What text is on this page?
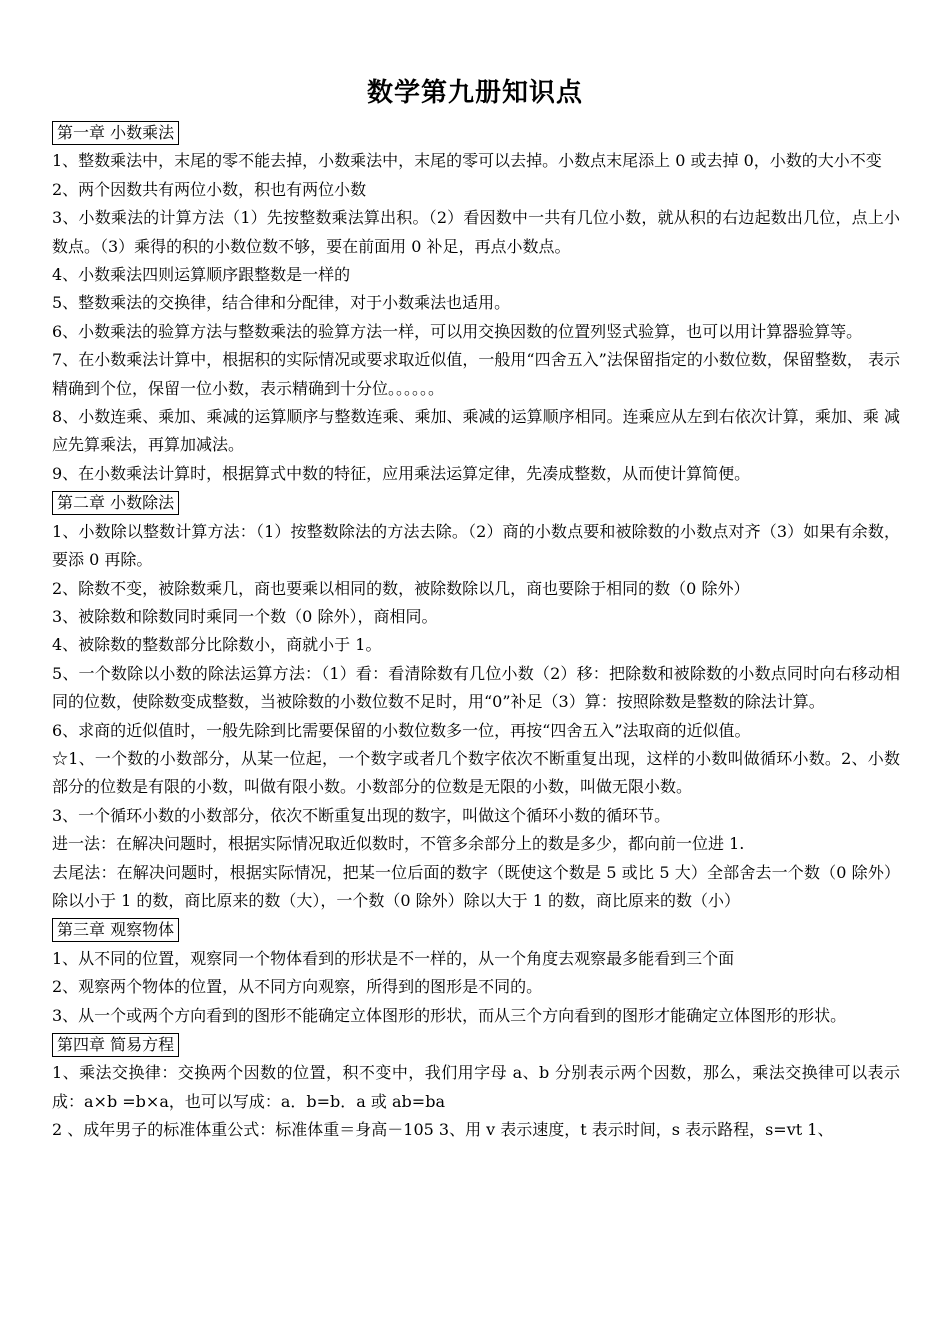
数学第九册知识点
第一章 小数乘法
1、整数乘法中，末尾的零不能去掉，小数乘法中，末尾的零可以去掉。小数点末尾添上 0 或去掉 0，小数的大小不变
2、两个因数共有两位小数，积也有两位小数
3、小数乘法的计算方法（1）先按整数乘法算出积。（2）看因数中一共有几位小数，就从积的右边起数出几位，点上小数点。（3）乘得的积的小数位数不够，要在前面用 0 补足，再点小数点。
4、小数乘法四则运算顺序跟整数是一样的
5、整数乘法的交换律，结合律和分配律，对于小数乘法也适用。
6、小数乘法的验算方法与整数乘法的验算方法一样，可以用交换因数的位置列竖式验算，也可以用计算器验算等。
7、在小数乘法计算中，根据积的实际情况或要求取近似值，一般用“四舍五入”法保留指定的小数位数，保留整数， 表示精确到个位，保留一位小数，表示精确到十分位。。。。。。
8、小数连乘、乘加、乘减的运算顺序与整数连乘、乘加、乘减的运算顺序相同。连乘应从左到右依次计算，乘加、乘 减应先算乘法，再算加减法。
9、在小数乘法计算时，根据算式中数的特征，应用乘法运算定律，先凑成整数，从而使计算简便。
第二章 小数除法
1、小数除以整数计算方法：（1）按整数除法的方法去除。（2）商的小数点要和被除数的小数点对齐（3）如果有余数，要添 0 再除。
2、除数不变，被除数乘几，商也要乘以相同的数，被除数除以几，商也要除于相同的数（0 除外）
3、被除数和除数同时乘同一个数（0 除外），商相同。
4、被除数的整数部分比除数小，商就小于 1。
5、一个数除以小数的除法运算方法：（1）看：看清除数有几位小数（2）移：把除数和被除数的小数点同时向右移动相同的位数，使除数变成整数，当被除数的小数位数不足时，用“0”补足（3）算：按照除数是整数的除法计算。
6、求商的近似值时，一般先除到比需要保留的小数位数多一位，再按“四舍五入”法取商的近似值。
☆1、一个数的小数部分，从某一位起，一个数字或者几个数字依次不断重复出现，这样的小数叫做循环小数。2、小数部分的位数是有限的小数，叫做有限小数。小数部分的位数是无限的小数，叫做无限小数。
3、一个循环小数的小数部分，依次不断重复出现的数字，叫做这个循环小数的循环节。
进一法：在解决问题时，根据实际情况取近似数时，不管多余部分上的数是多少，都向前一位进 1.
去尾法：在解决问题时，根据实际情况，把某一位后面的数字（既使这个数是 5 或比 5 大）全部舍去一个数（0 除外）除以小于 1 的数，商比原来的数（大），一个数（0 除外）除以大于 1 的数，商比原来的数（小）
第三章 观察物体
1、从不同的位置，观察同一个物体看到的形状是不一样的，从一个角度去观察最多能看到三个面
2、观察两个物体的位置，从不同方向观察，所得到的图形是不同的。
3、从一个或两个方向看到的图形不能确定立体图形的形状，而从三个方向看到的图形才能确定立体图形的形状。
第四章 简易方程
1、乘法交换律：交换两个因数的位置，积不变中，我们用字母 a、b 分别表示两个因数，那么，乘法交换律可以表示 成：a×b =b×a，也可以写成：a．b=b．a 或 ab=ba
2 、成年男子的标准体重公式：标准体重＝身高－105 3、用 v 表示速度，t 表示时间，s 表示路程，s=vt 1、
